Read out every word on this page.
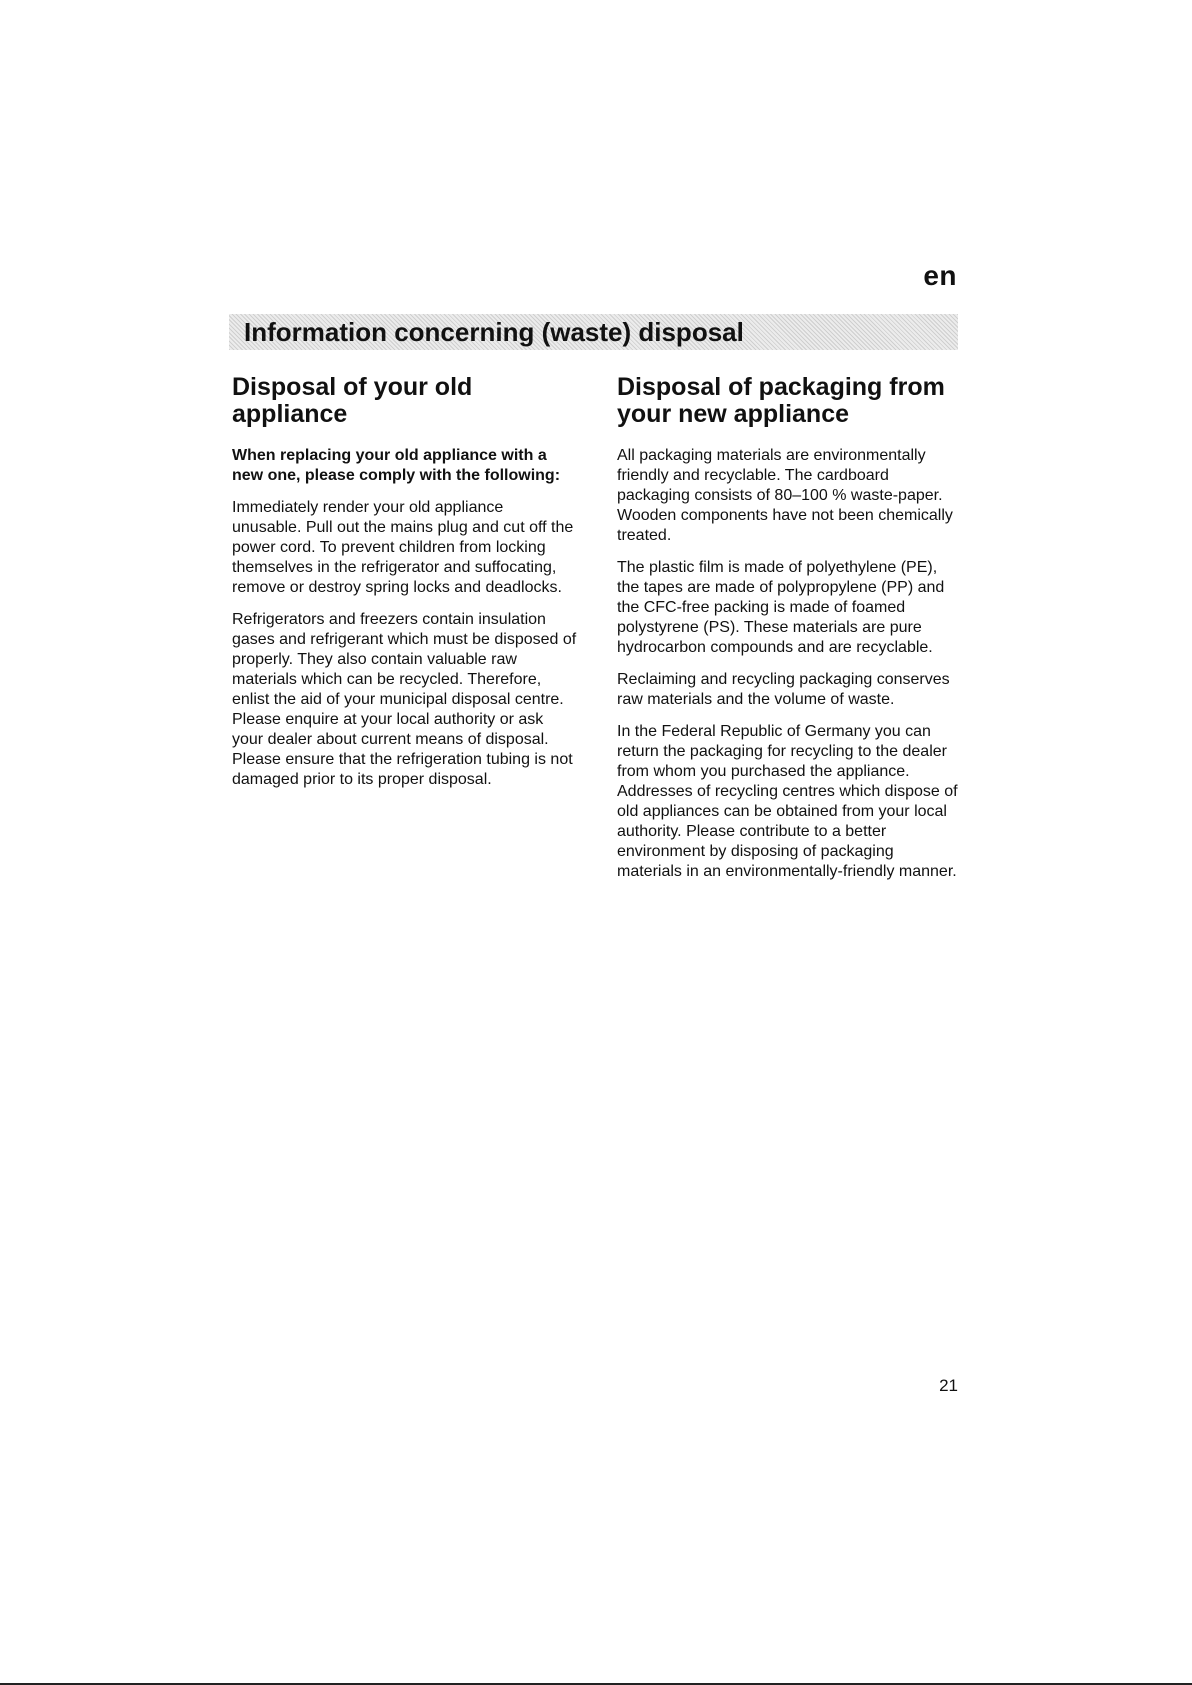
en
Information concerning (waste) disposal
Disposal of your old appliance

When replacing your old appliance with a new one, please comply with the following:

Immediately render your old appliance unusable. Pull out the mains plug and cut off the power cord. To prevent children from locking themselves in the refrigerator and suffocating, remove or destroy spring locks and deadlocks.

Refrigerators and freezers contain insulation gases and refrigerant which must be disposed of properly. They also contain valuable raw materials which can be recycled. Therefore, enlist the aid of your municipal disposal centre. Please enquire at your local authority or ask your dealer about current means of disposal. Please ensure that the refrigeration tubing is not damaged prior to its proper disposal.

Disposal of packaging from your new appliance

All packaging materials are environmentally friendly and recyclable. The cardboard packaging consists of 80–100 % waste-paper. Wooden components have not been chemically treated.

The plastic film is made of polyethylene (PE), the tapes are made of polypropylene (PP) and the CFC-free packing is made of foamed polystyrene (PS). These materials are pure hydrocarbon compounds and are recyclable.

Reclaiming and recycling packaging conserves raw materials and the volume of waste.

In the Federal Republic of Germany you can return the packaging for recycling to the dealer from whom you purchased the appliance. Addresses of recycling centres which dispose of old appliances can be obtained from your local authority. Please contribute to a better environment by disposing of packaging materials in an environmentally-friendly manner.

21
